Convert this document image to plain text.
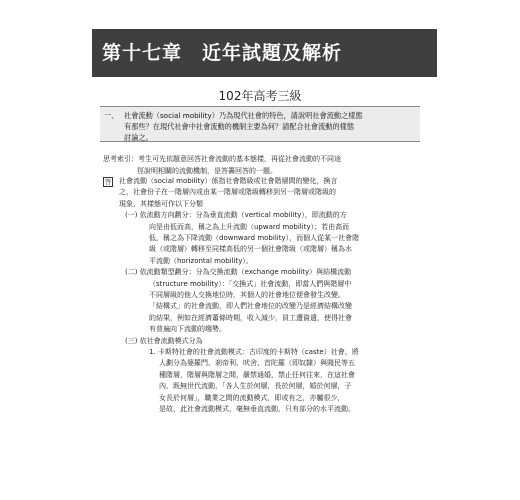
第十七章　近年試題及解析
102年高考三級
一、 社會流動（social mobility）乃為現代社會的特色，請說明社會流動之樣態
有那些？在現代社會中社會流動的機制主要為何？請配合社會流動的樣態
討論之。
思考索引：考生可先依題意回答社會流動的基本態樣，再從社會流動的不同途
徑說明相關的流動機制，是答籌回答的一題。
答 社會流動（social mobility）係指社會階級或社會階層間的變化，換言
之，社會份子在一階層內或由某一階層或階級轉移到另一階層或階級的
現象，其樣態可作以下分類
(一) 依流動方向劃分：分為垂直流動（vertical mobility），即流動的方
向是由低而高，稱之為上升流動（upward mobility）；若由高而
低，稱之為下降流動（downward mobility），而個人從某一社會階
級（或階層）轉移至同樣高低的另一個社會階級（或階層）稱為水
平流動（horizontal mobility）。
(二) 依流動類型劃分：分為交換流動（exchange mobility）與結構流動
（structure mobility）：「交換式」社會流動，即當人們與階層中
不同層級的他人交換地位時，其個人的社會地位便會發生改變。
「結構式」的社會流動，即人們社會地位的改變乃是經濟結構改變
的結果，例如在經濟蕭條時期，收入減少，員工遭資遣，使得社會
有普遍向下流動的趨勢。
(三) 依社會流動模式分為
1. 卡斯特社會的社會流動模式：古印度的卡斯特（caste）社會，將
人劃分為婆羅門、刹帝利、吠舍、首陀羅（即奴隸）與賤民等五
種階層，階層與階層之間，嚴禁通婚，禁止任何往來，在這社會
內，既無世代流動，「各人生於何層，長於何層，婚於何層，子
女長於何層」，職業之間的流動模式，即或有之，亦屬很少，
是故，此社會流動模式，毫無垂直流動，只有部分的水平流動。
